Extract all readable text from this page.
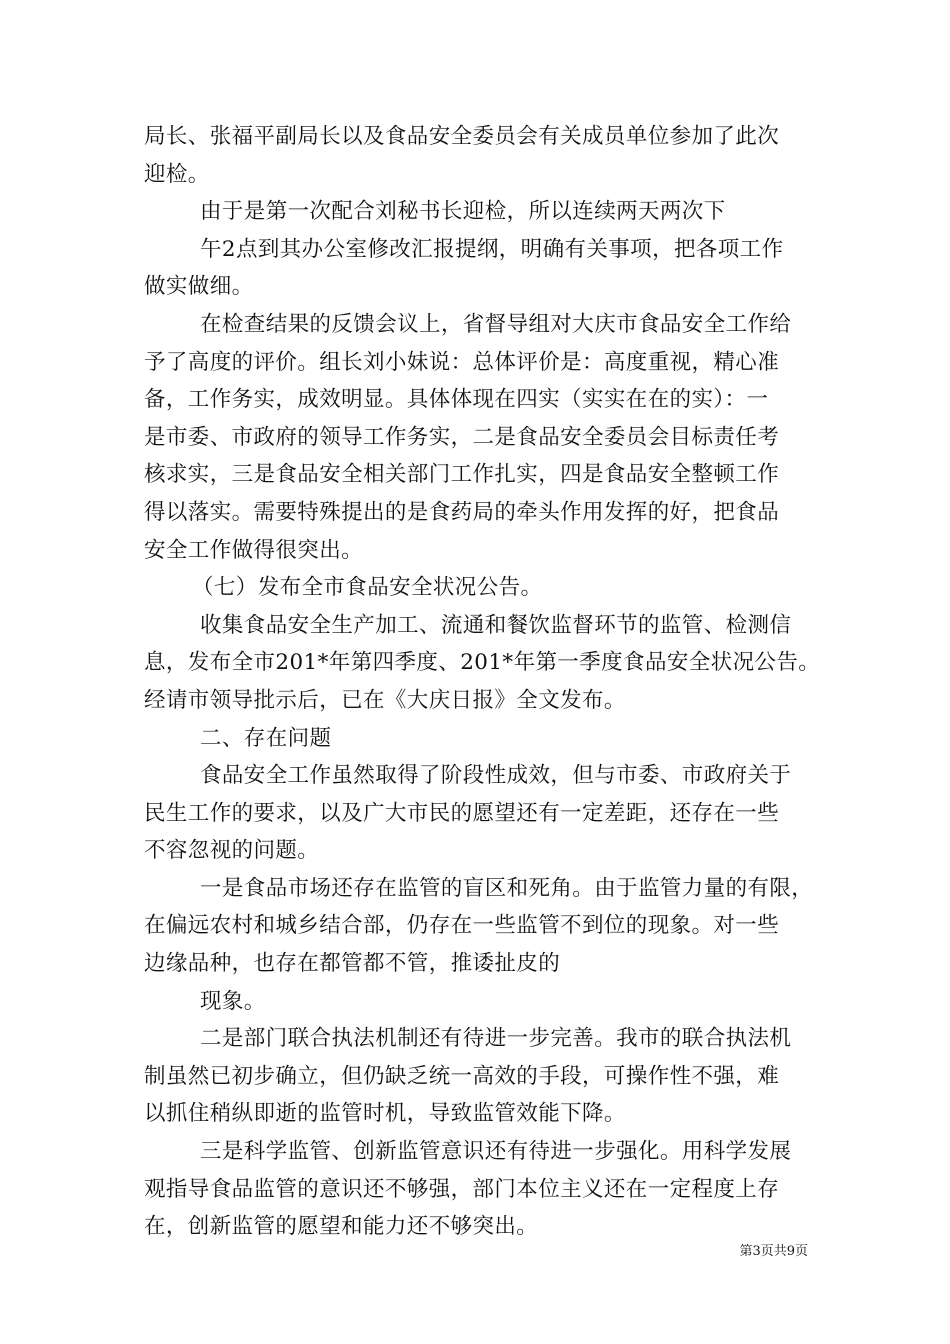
局长、张福平副局长以及食品安全委员会有关成员单位参加了此次
迎检。
由于是第一次配合刘秘书长迎检，所以连续两天两次下
午2点到其办公室修改汇报提纲，明确有关事项，把各项工作
做实做细。
在检查结果的反馈会议上，省督导组对大庆市食品安全工作给
予了高度的评价。组长刘小妹说：总体评价是：高度重视，精心准
备，工作务实，成效明显。具体体现在四实（实实在在的实）：一
是市委、市政府的领导工作务实，二是食品安全委员会目标责任考
核求实，三是食品安全相关部门工作扎实，四是食品安全整顿工作
得以落实。需要特殊提出的是食药局的牵头作用发挥的好，把食品
安全工作做得很突出。
（七）发布全市食品安全状况公告。
收集食品安全生产加工、流通和餐饮监督环节的监管、检测信
息，发布全市201*年第四季度、201*年第一季度食品安全状况公告。
经请市领导批示后，已在《大庆日报》全文发布。
二、存在问题
食品安全工作虽然取得了阶段性成效，但与市委、市政府关于
民生工作的要求，以及广大市民的愿望还有一定差距，还存在一些
不容忽视的问题。
一是食品市场还存在监管的盲区和死角。由于监管力量的有限，
在偏远农村和城乡结合部，仍存在一些监管不到位的现象。对一些
边缘品种，也存在都管都不管，推诿扯皮的
现象。
二是部门联合执法机制还有待进一步完善。我市的联合执法机
制虽然已初步确立，但仍缺乏统一高效的手段，可操作性不强，难
以抓住稍纵即逝的监管时机，导致监管效能下降。
三是科学监管、创新监管意识还有待进一步强化。用科学发展
观指导食品监管的意识还不够强，部门本位主义还在一定程度上存
在，创新监管的愿望和能力还不够突出。
第3页共9页
